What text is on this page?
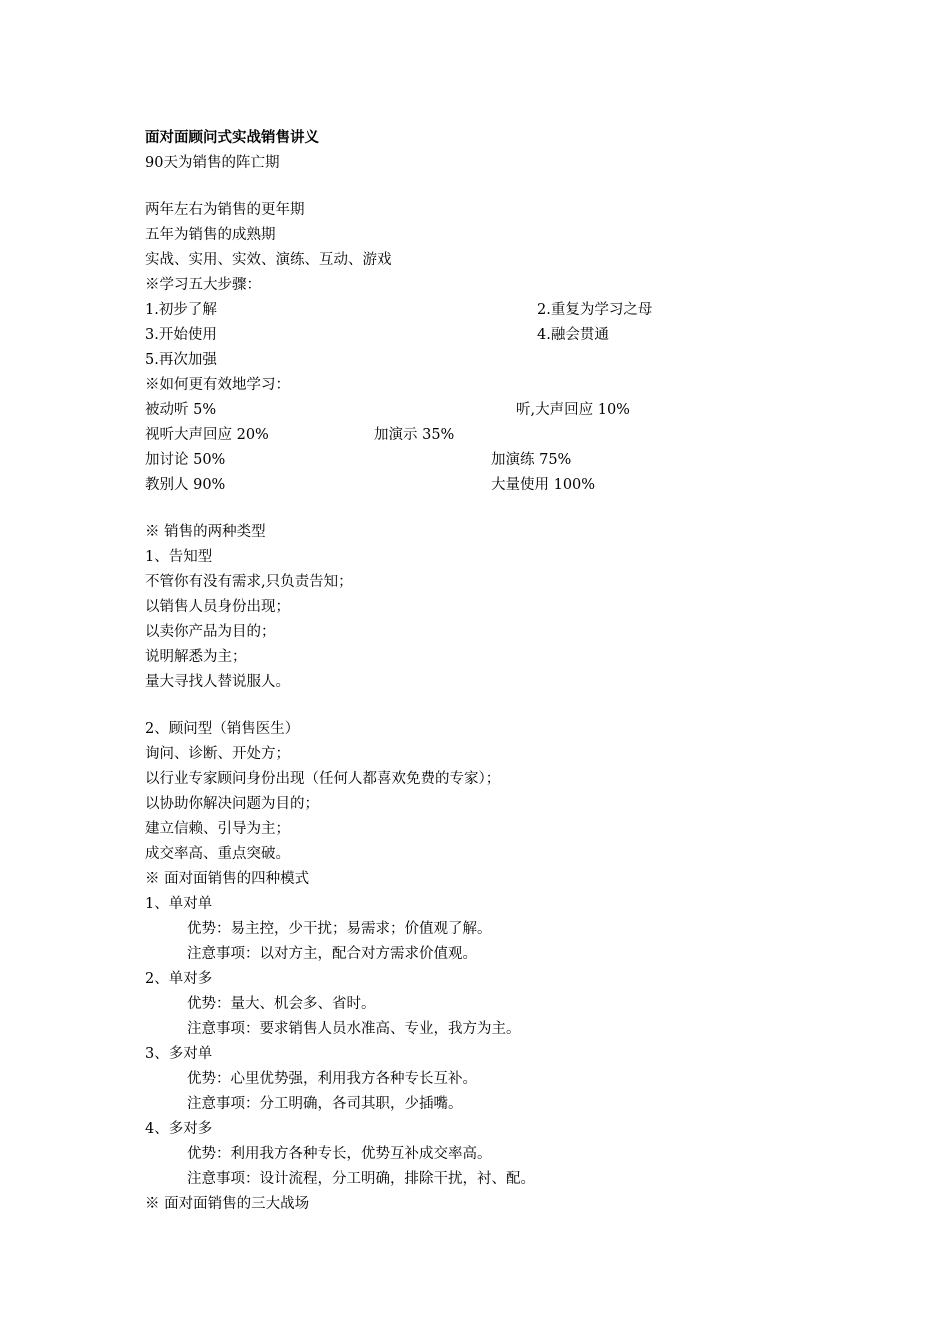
面对面顾问式实战销售讲义
90天为销售的阵亡期
两年左右为销售的更年期
五年为销售的成熟期
实战、实用、实效、演练、互动、游戏
※学习五大步骤：
1.初步了解	2.重复为学习之母
3.开始使用	4.融会贯通
5.再次加强
※如何更有效地学习：
被动听 5%	听,大声回应 10%
视听大声回应 20%	加演示 35%
加讨论 50%	加演练 75%
教别人 90%	大量使用 100%
※ 销售的两种类型
1、告知型
不管你有没有需求,只负责告知；
以销售人员身份出现；
以卖你产品为目的；
说明解悉为主；
量大寻找人替说服人。
2、顾问型（销售医生）
询问、诊断、开处方；
以行业专家顾问身份出现（任何人都喜欢免费的专家）；
以协助你解决问题为目的；
建立信赖、引导为主；
成交率高、重点突破。
※ 面对面销售的四种模式
1、单对单
优势：易主控，少干扰；易需求；价值观了解。
注意事项：以对方主，配合对方需求价值观。
2、单对多
优势：量大、机会多、省时。
注意事项：要求销售人员水准高、专业，我方为主。
3、多对单
优势：心里优势强，利用我方各种专长互补。
注意事项：分工明确，各司其职，少插嘴。
4、多对多
优势：利用我方各种专长，优势互补成交率高。
注意事项：设计流程，分工明确，排除干扰，衬、配。
※ 面对面销售的三大战场
